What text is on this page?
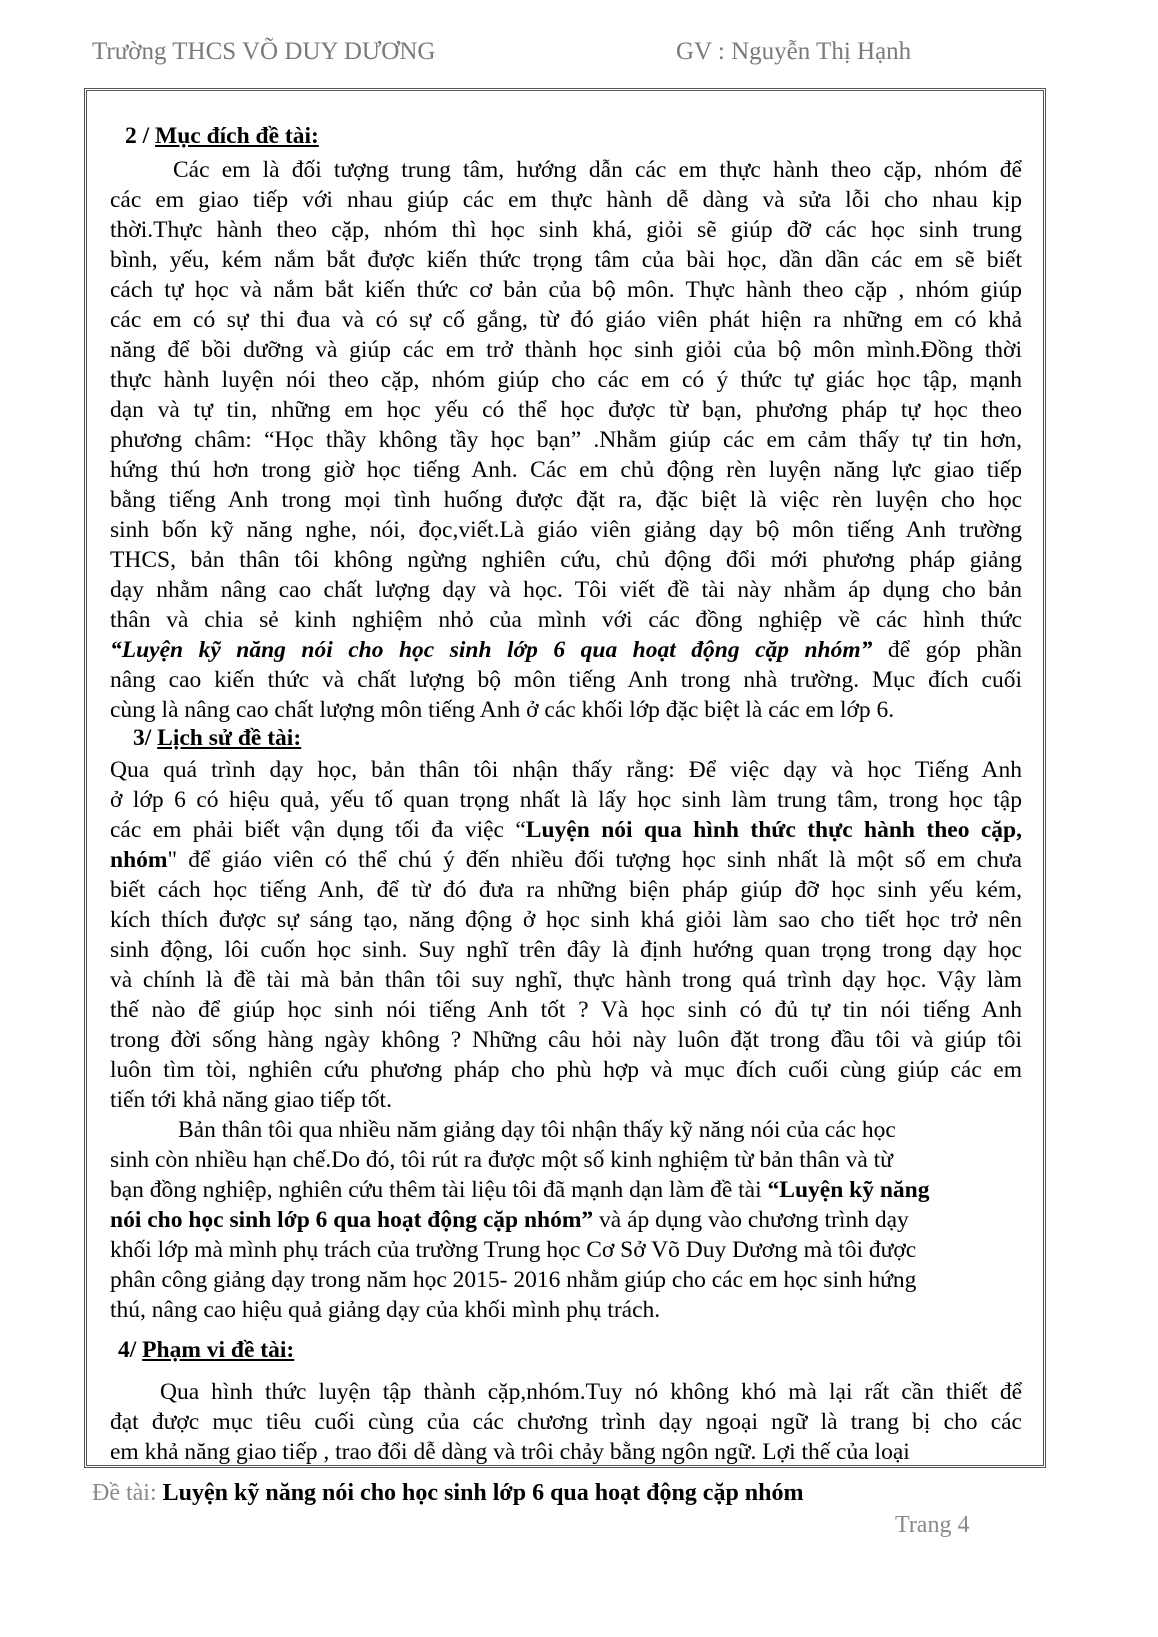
Trường THCS VÕ DUY DƯƠNG	GV : Nguyễn Thị Hạnh
2 / Mục đích đề tài:
Các em là đối tượng trung tâm, hướng dẫn các em thực hành theo cặp, nhóm để
các em giao tiếp với nhau giúp các em thực hành dễ dàng và sửa lỗi cho nhau kịp
thời.Thực hành theo cặp, nhóm thì học sinh khá, giỏi sẽ giúp đỡ các học sinh trung
bình, yếu, kém nắm bắt được kiến thức trọng tâm của bài học, dần dần các em sẽ biết
cách tự học và nắm bắt kiến thức cơ bản của bộ môn. Thực hành theo cặp , nhóm giúp
các em có sự thi đua và có sự cố gắng, từ đó giáo viên phát hiện ra những em có khả
năng để bồi dưỡng và giúp các em trở thành học sinh giỏi của bộ môn mình.Đồng thời
thực hành luyện nói theo cặp, nhóm giúp cho các em có ý thức tự giác học tập, mạnh
dạn và tự tin, những em học yếu có thể học được từ bạn, phương pháp tự học theo
phương châm: “Học thầy không tầy học bạn” .Nhằm giúp các em cảm thấy tự tin hơn,
hứng thú hơn trong giờ học tiếng Anh. Các em chủ động rèn luyện năng lực giao tiếp
bằng tiếng Anh trong mọi tình huống được đặt ra, đặc biệt là việc rèn luyện cho học
sinh bốn kỹ năng nghe, nói, đọc,viết.Là giáo viên giảng dạy bộ môn tiếng Anh trường
THCS, bản thân tôi không ngừng nghiên cứu, chủ động đổi mới phương pháp giảng
dạy nhằm nâng cao chất lượng dạy và học. Tôi viết đề tài này nhằm áp dụng cho bản
thân và chia sẻ kinh nghiệm nhỏ của mình với các đồng nghiệp về các hình thức
“Luyện kỹ năng nói cho học sinh lớp 6 qua hoạt động cặp nhóm” để góp phần
nâng cao kiến thức và chất lượng bộ môn tiếng Anh trong nhà trường. Mục đích cuối
cùng là nâng cao chất lượng môn tiếng Anh ở các khối lớp đặc biệt là các em lớp 6.
3/ Lịch sử đề tài:
Qua quá trình dạy học, bản thân tôi nhận thấy rằng: Để việc dạy và học Tiếng Anh
ở lớp 6 có hiệu quả, yếu tố quan trọng nhất là lấy học sinh làm trung tâm, trong học tập
các em phải biết vận dụng tối đa việc “Luyện nói qua hình thức thực hành theo cặp,
nhóm" để giáo viên có thể chú ý đến nhiều đối tượng học sinh nhất là một số em chưa
biết cách học tiếng Anh, để từ đó đưa ra những biện pháp giúp đỡ học sinh yếu kém,
kích thích được sự sáng tạo, năng động ở học sinh khá giỏi làm sao cho tiết học trở nên
sinh động, lôi cuốn học sinh. Suy nghĩ trên đây là định hướng quan trọng trong dạy học
và chính là đề tài mà bản thân tôi suy nghĩ, thực hành trong quá trình dạy học. Vậy làm
thế nào để giúp học sinh nói tiếng Anh tốt ? Và học sinh có đủ tự tin nói tiếng Anh
trong đời sống hàng ngày không ? Những câu hỏi này luôn đặt trong đầu tôi và giúp tôi
luôn tìm tòi, nghiên cứu phương pháp cho phù hợp và mục đích cuối cùng giúp các em
tiến tới khả năng giao tiếp tốt.
Bản thân tôi qua nhiều năm giảng dạy tôi nhận thấy kỹ năng nói của các học
sinh còn nhiều hạn chế.Do đó, tôi rút ra được một số kinh nghiệm từ bản thân và từ
bạn đồng nghiệp, nghiên cứu thêm tài liệu tôi đã mạnh dạn làm đề tài “Luyện kỹ năng
nói cho học sinh lớp 6 qua hoạt động cặp nhóm” và áp dụng vào chương trình dạy
khối lớp mà mình phụ trách của trường Trung học Cơ Sở Võ Duy Dương mà tôi được
phân công giảng dạy trong năm học 2015- 2016 nhằm giúp cho các em học sinh hứng
thú, nâng cao hiệu quả giảng dạy của khối mình phụ trách.
4/ Phạm vi đề tài:
Qua hình thức luyện tập thành cặp,nhóm.Tuy nó không khó mà lại rất cần thiết để
đạt được mục tiêu cuối cùng của các chương trình dạy ngoại ngữ là trang bị cho các
em khả năng giao tiếp , trao đổi dễ dàng và trôi chảy bằng ngôn ngữ. Lợi thế của loại
Đề tài: Luyện kỹ năng nói cho học sinh lớp 6 qua hoạt động cặp nhóm
Trang 4
